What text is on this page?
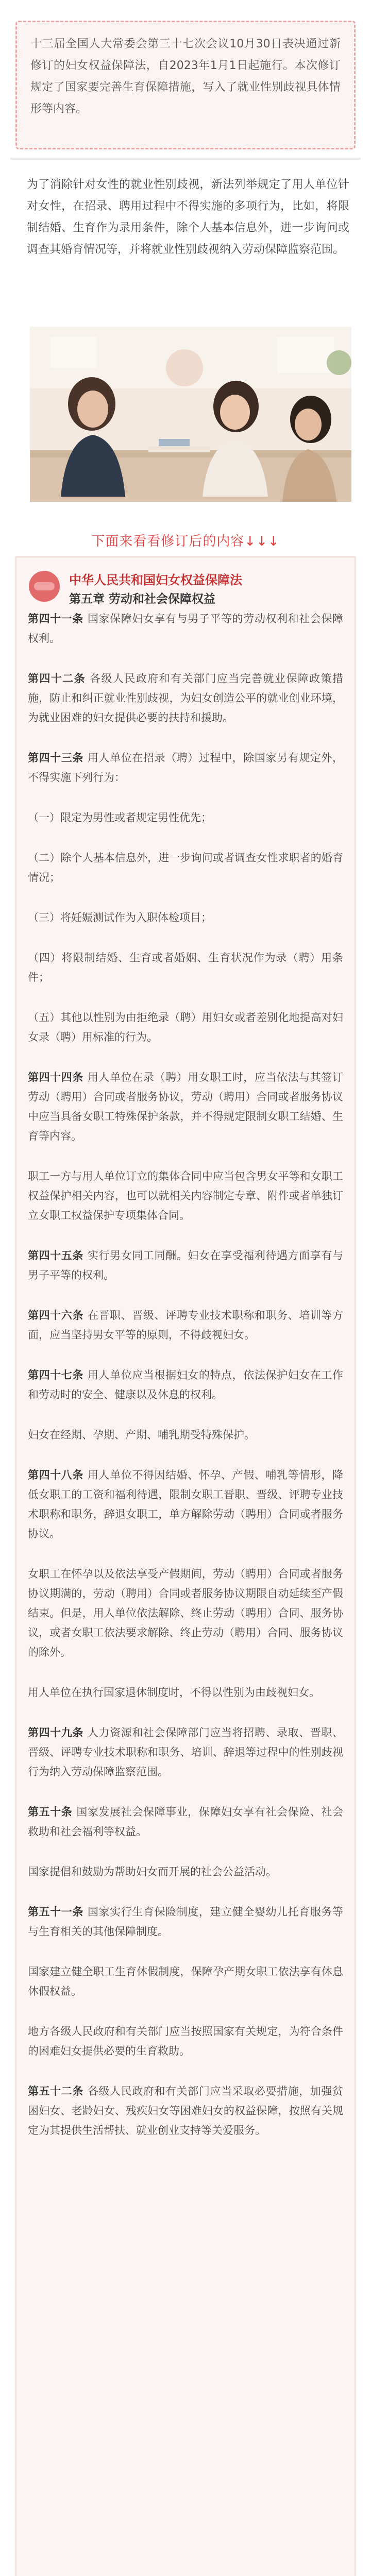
十三届全国人大常委会第三十七次会议10月30日表决通过新修订的妇女权益保障法，自2023年1月1日起施行。本次修订规定了国家要完善生育保障措施，写入了就业性别歧视具体情形等内容。
为了消除针对女性的就业性别歧视，新法列举规定了用人单位针对女性，在招录、聘用过程中不得实施的多项行为，比如，将限制结婚、生育作为录用条件，除个人基本信息外，进一步询问或调查其婚育情况等，并将就业性别歧视纳入劳动保障监察范围。
下面来看看修订后的内容↓↓↓
中华人民共和国妇女权益保障法
第五章 劳动和社会保障权益
第四十一条 国家保障妇女享有与男子平等的劳动权利和社会保障权利。
第四十二条 各级人民政府和有关部门应当完善就业保障政策措施，防止和纠正就业性别歧视，为妇女创造公平的就业创业环境，为就业困难的妇女提供必要的扶持和援助。
第四十三条 用人单位在招录（聘）过程中，除国家另有规定外，不得实施下列行为：
（一）限定为男性或者规定男性优先；
（二）除个人基本信息外，进一步询问或者调查女性求职者的婚育情况；
（三）将妊娠测试作为入职体检项目；
（四）将限制结婚、生育或者婚姻、生育状况作为录（聘）用条件；
（五）其他以性别为由拒绝录（聘）用妇女或者差别化地提高对妇女录（聘）用标准的行为。
第四十四条 用人单位在录（聘）用女职工时，应当依法与其签订劳动（聘用）合同或者服务协议，劳动（聘用）合同或者服务协议中应当具备女职工特殊保护条款，并不得规定限制女职工结婚、生育等内容。
职工一方与用人单位订立的集体合同中应当包含男女平等和女职工权益保护相关内容，也可以就相关内容制定专章、附件或者单独订立女职工权益保护专项集体合同。
第四十五条 实行男女同工同酬。妇女在享受福利待遇方面享有与男子平等的权利。
第四十六条 在晋职、晋级、评聘专业技术职称和职务、培训等方面，应当坚持男女平等的原则，不得歧视妇女。
第四十七条 用人单位应当根据妇女的特点，依法保护妇女在工作和劳动时的安全、健康以及休息的权利。
妇女在经期、孕期、产期、哺乳期受特殊保护。
第四十八条 用人单位不得因结婚、怀孕、产假、哺乳等情形，降低女职工的工资和福利待遇，限制女职工晋职、晋级、评聘专业技术职称和职务，辞退女职工，单方解除劳动（聘用）合同或者服务协议。
女职工在怀孕以及依法享受产假期间，劳动（聘用）合同或者服务协议期满的，劳动（聘用）合同或者服务协议期限自动延续至产假结束。但是，用人单位依法解除、终止劳动（聘用）合同、服务协议，或者女职工依法要求解除、终止劳动（聘用）合同、服务协议的除外。
用人单位在执行国家退休制度时，不得以性别为由歧视妇女。
第四十九条 人力资源和社会保障部门应当将招聘、录取、晋职、晋级、评聘专业技术职称和职务、培训、辞退等过程中的性别歧视行为纳入劳动保障监察范围。
第五十条 国家发展社会保障事业，保障妇女享有社会保险、社会救助和社会福利等权益。
国家提倡和鼓励为帮助妇女而开展的社会公益活动。
第五十一条 国家实行生育保险制度，建立健全婴幼儿托育服务等与生育相关的其他保障制度。
国家建立健全职工生育休假制度，保障孕产期女职工依法享有休息休假权益。
地方各级人民政府和有关部门应当按照国家有关规定，为符合条件的困难妇女提供必要的生育救助。
第五十二条 各级人民政府和有关部门应当采取必要措施，加强贫困妇女、老龄妇女、残疾妇女等困难妇女的权益保障，按照有关规定为其提供生活帮扶、就业创业支持等关爱服务。
